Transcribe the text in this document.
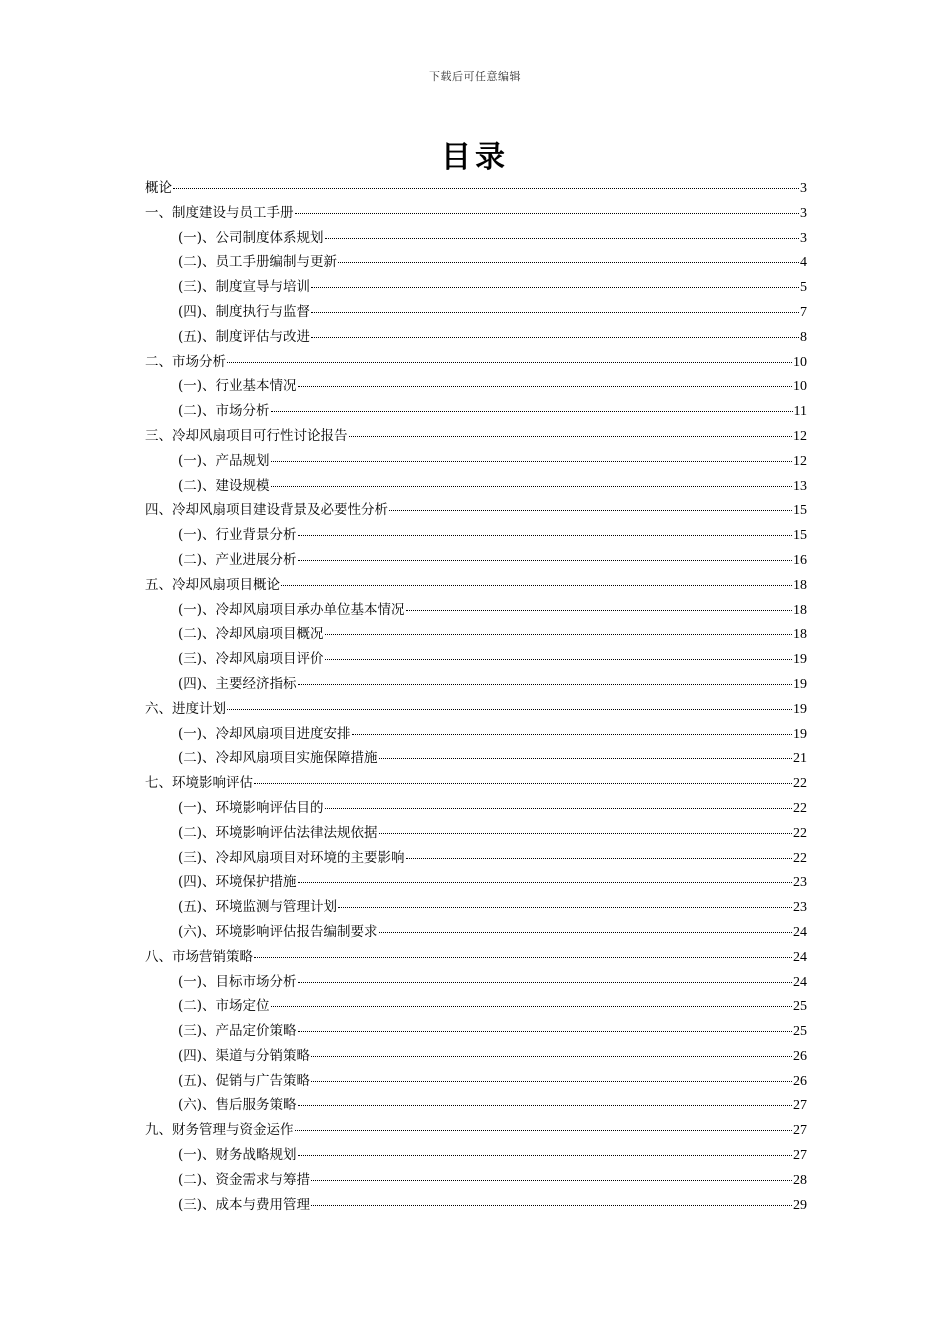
下载后可任意编辑
目录
概论	3
一、制度建设与员工手册	3
(一)、公司制度体系规划	3
(二)、员工手册编制与更新	4
(三)、制度宣导与培训	5
(四)、制度执行与监督	7
(五)、制度评估与改进	8
二、市场分析	10
(一)、行业基本情况	10
(二)、市场分析	11
三、冷却风扇项目可行性讨论报告	12
(一)、产品规划	12
(二)、建设规模	13
四、冷却风扇项目建设背景及必要性分析	15
(一)、行业背景分析	15
(二)、产业进展分析	16
五、冷却风扇项目概论	18
(一)、冷却风扇项目承办单位基本情况	18
(二)、冷却风扇项目概况	18
(三)、冷却风扇项目评价	19
(四)、主要经济指标	19
六、进度计划	19
(一)、冷却风扇项目进度安排	19
(二)、冷却风扇项目实施保障措施	21
七、环境影响评估	22
(一)、环境影响评估目的	22
(二)、环境影响评估法律法规依据	22
(三)、冷却风扇项目对环境的主要影响	22
(四)、环境保护措施	23
(五)、环境监测与管理计划	23
(六)、环境影响评估报告编制要求	24
八、市场营销策略	24
(一)、目标市场分析	24
(二)、市场定位	25
(三)、产品定价策略	25
(四)、渠道与分销策略	26
(五)、促销与广告策略	26
(六)、售后服务策略	27
九、财务管理与资金运作	27
(一)、财务战略规划	27
(二)、资金需求与筹措	28
(三)、成本与费用管理	29
